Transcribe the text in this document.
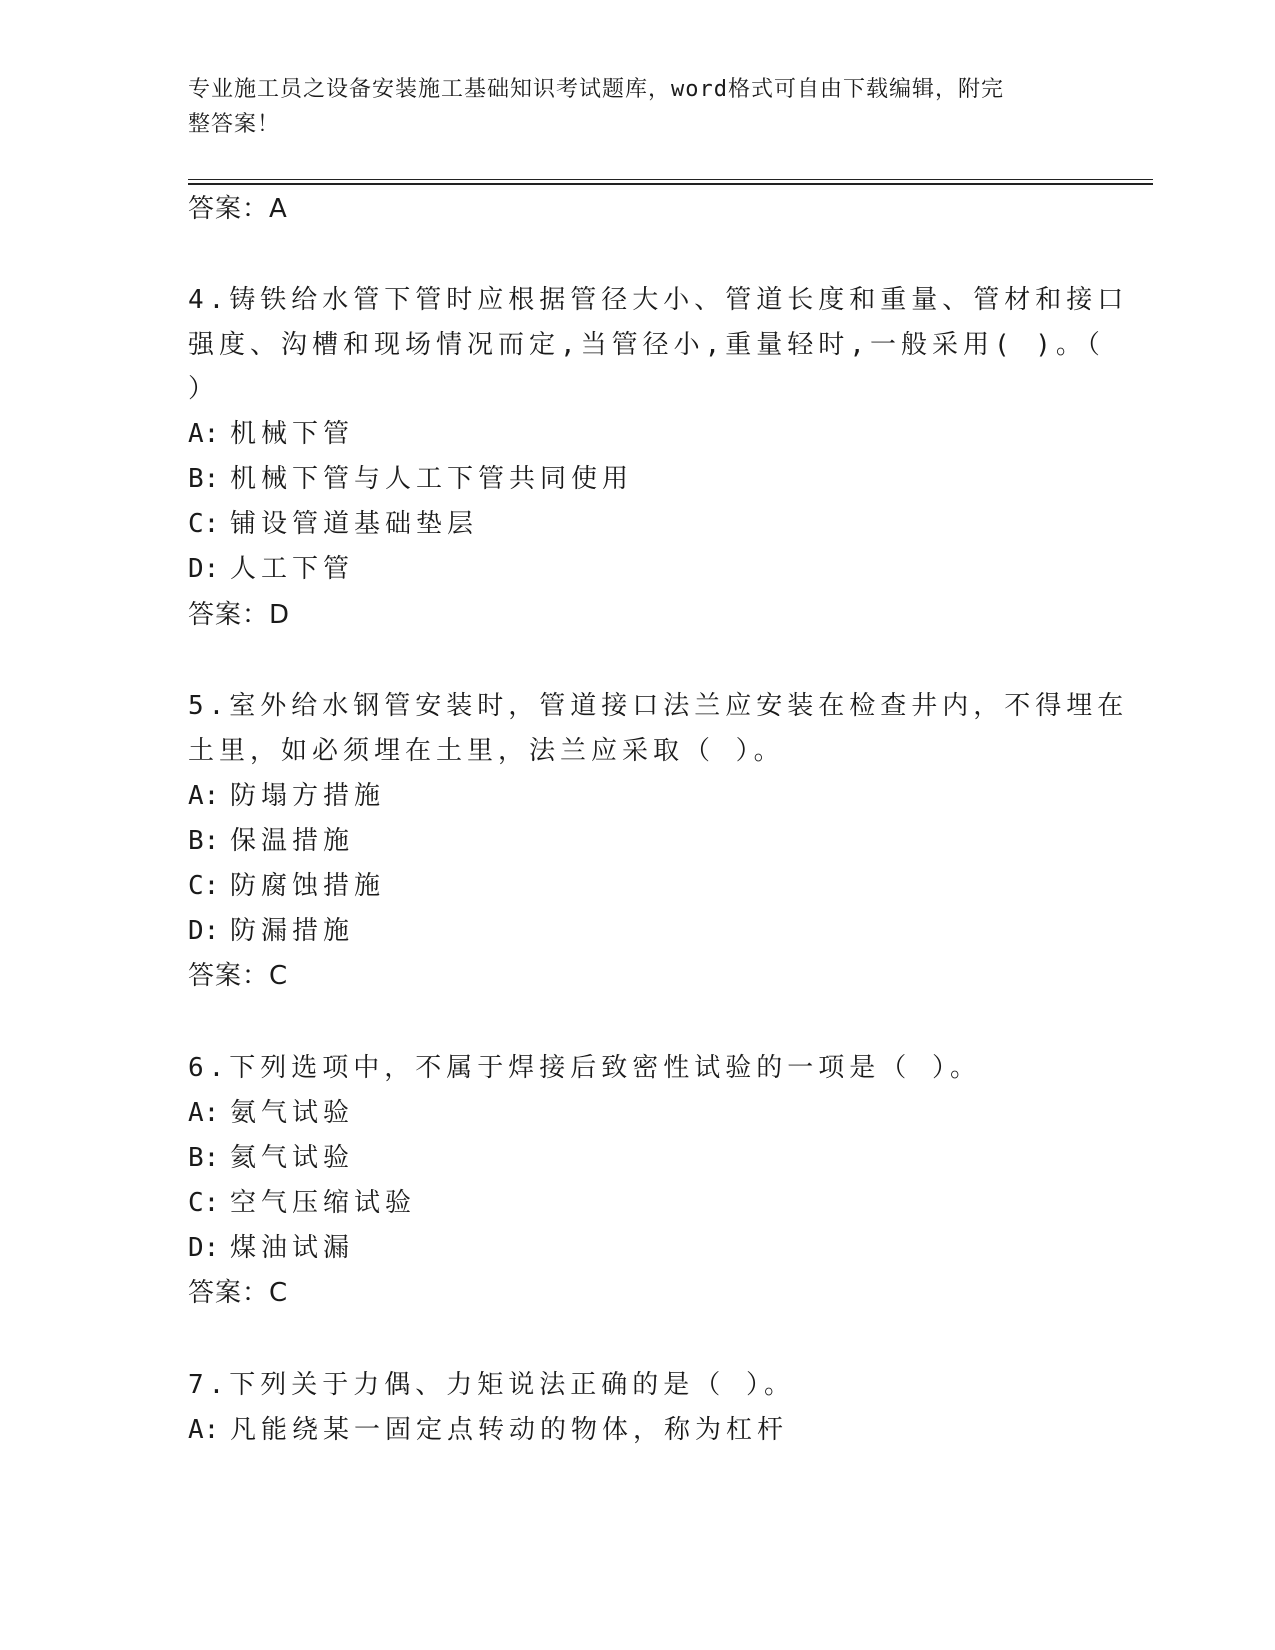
专业施工员之设备安装施工基础知识考试题库，word格式可自由下载编辑，附完
整答案！
答案：A
4.铸铁给水管下管时应根据管径大小、管道长度和重量、管材和接口
强度、沟槽和现场情况而定,当管径小,重量轻时,一般采用( )。（
）
A: 机械下管
B: 机械下管与人工下管共同使用
C: 铺设管道基础垫层
D: 人工下管
答案：D
5.室外给水钢管安装时，管道接口法兰应安装在检查井内，不得埋在
土里，如必须埋在土里，法兰应采取（ ）。
A: 防塌方措施
B: 保温措施
C: 防腐蚀措施
D: 防漏措施
答案：C
6.下列选项中，不属于焊接后致密性试验的一项是（ ）。
A: 氨气试验
B: 氦气试验
C: 空气压缩试验
D: 煤油试漏
答案：C
7.下列关于力偶、力矩说法正确的是（ ）。
A: 凡能绕某一固定点转动的物体，称为杠杆
